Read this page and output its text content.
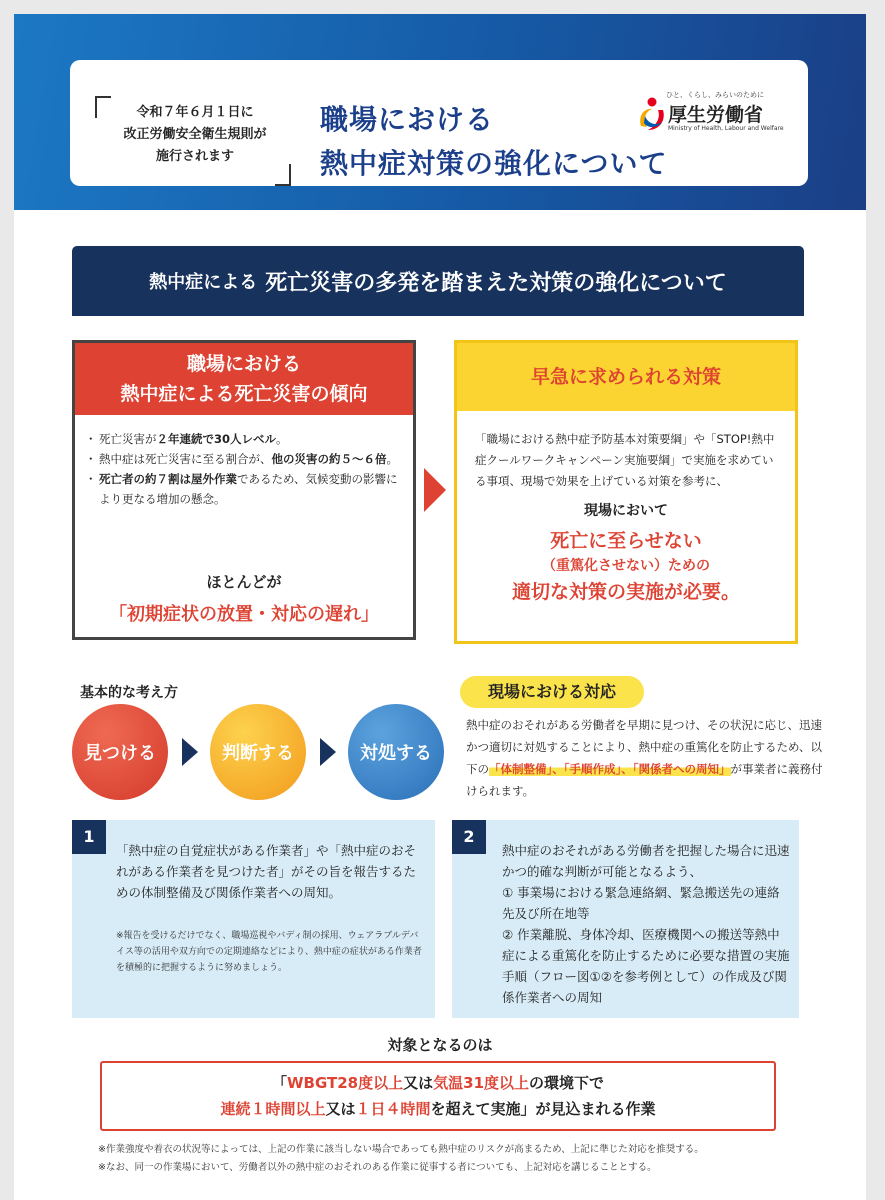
令和７年６月１日に
改正労働安全衛生規則が
施行されます
職場における
熱中症対策の強化について
ひと、くらし、みらいのために
厚生労働省
Ministry of Health, Labour and Welfare
熱中症による 死亡災害の多発を踏まえた対策の強化について
職場における
熱中症による死亡災害の傾向
・ 死亡災害が２年連続で30人レベル。
・ 熱中症は死亡災害に至る割合が、他の災害の約５～６倍。
・ 死亡者の約７割は屋外作業であるため、気候変動の影響により更なる増加の懸念。
ほとんどが
「初期症状の放置・対応の遅れ」
早急に求められる対策
「職場における熱中症予防基本対策要綱」や「STOP!熱中症クールワークキャンペーン実施要綱」で実施を求めている事項、現場で効果を上げている対策を参考に、
現場において
死亡に至らせない
（重篤化させない）ための
適切な対策の実施が必要。
基本的な考え方
見つける	判断する	対処する
現場における対応
熱中症のおそれがある労働者を早期に見つけ、その状況に応じ、迅速かつ適切に対処することにより、熱中症の重篤化を防止するため、以下の「体制整備」、「手順作成」、「関係者への周知」が事業者に義務付けられます。
1
「熱中症の自覚症状がある作業者」や「熱中症のおそれがある作業者を見つけた者」がその旨を報告するための体制整備及び関係作業者への周知。
※報告を受けるだけでなく、職場巡視やバディ制の採用、ウェアラブルデバイス等の活用や双方向での定期連絡などにより、熱中症の症状がある作業者を積極的に把握するように努めましょう。
2
熱中症のおそれがある労働者を把握した場合に迅速かつ的確な判断が可能となるよう、
① 事業場における緊急連絡網、緊急搬送先の連絡先及び所在地等
② 作業離脱、身体冷却、医療機関への搬送等熱中症による重篤化を防止するために必要な措置の実施手順（フロー図①②を参考例として）の作成及び関係作業者への周知
対象となるのは
「WBGT28度以上又は気温31度以上の環境下で
連続１時間以上又は１日４時間を超えて実施」が見込まれる作業
※作業強度や着衣の状況等によっては、上記の作業に該当しない場合であっても熱中症のリスクが高まるため、上記に準じた対応を推奨する。
※なお、同一の作業場において、労働者以外の熱中症のおそれのある作業に従事する者についても、上記対応を講じることとする。
